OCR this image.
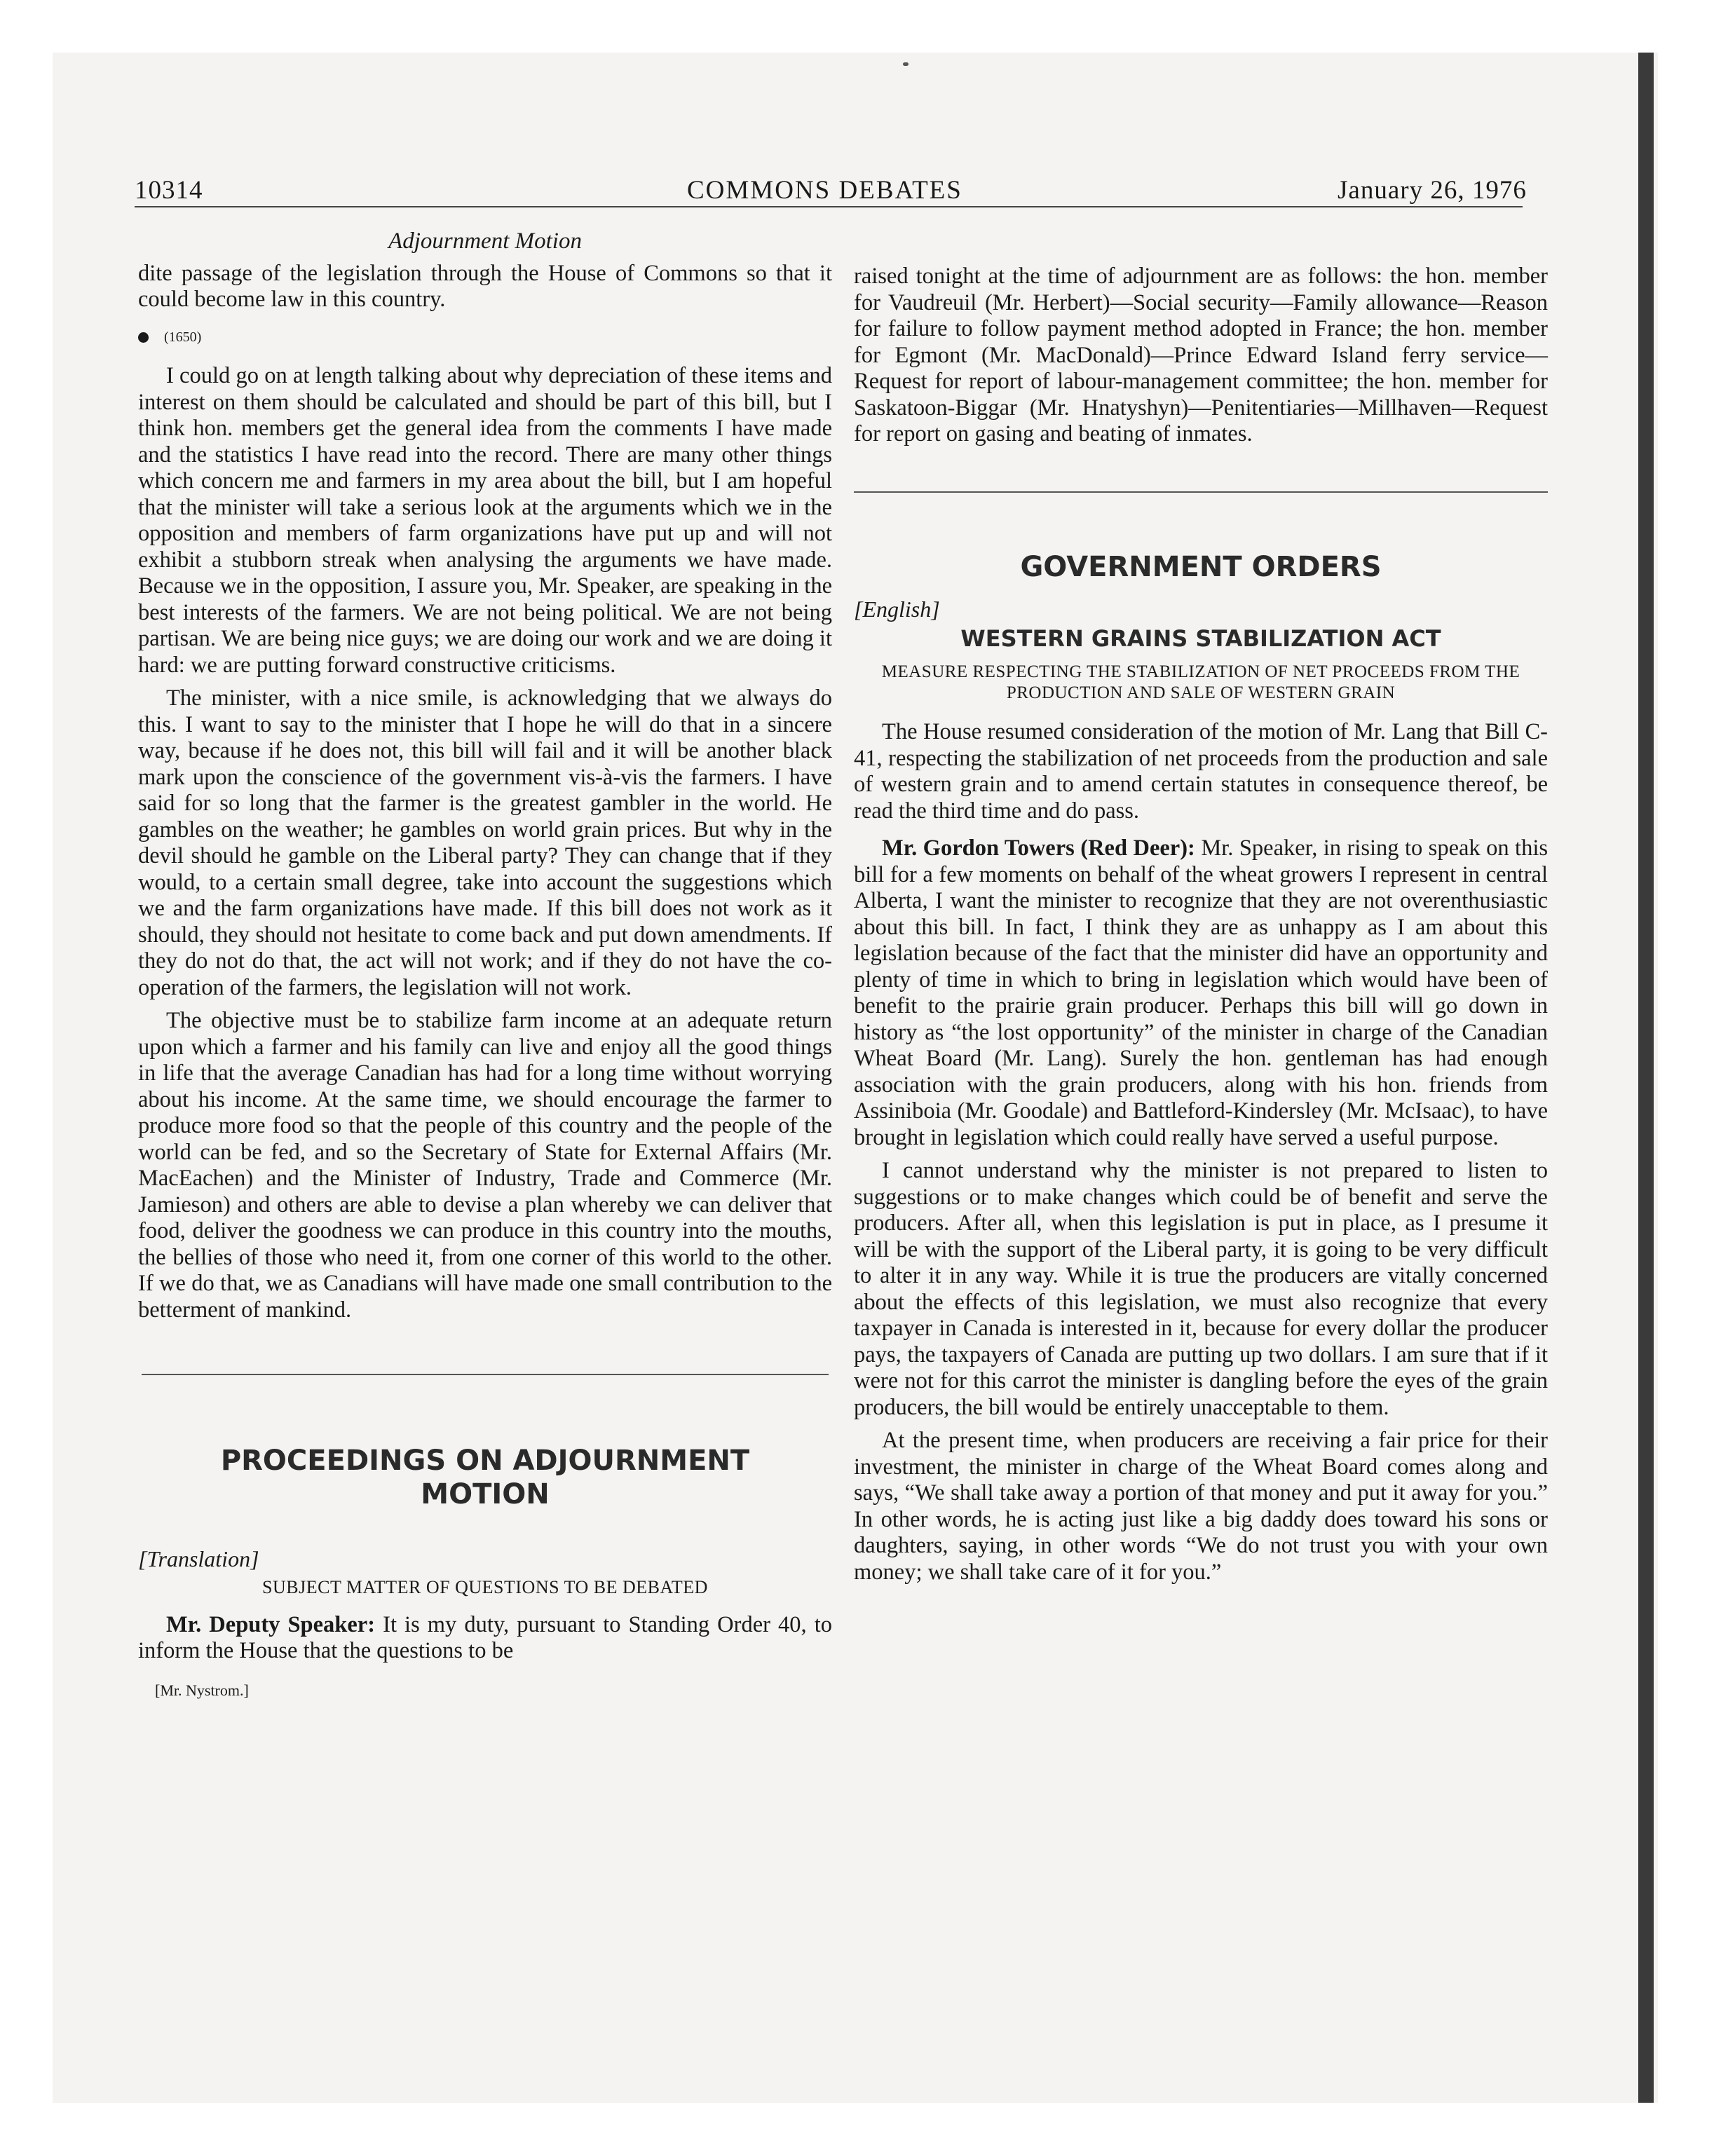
10314	COMMONS DEBATES	January 26, 1976
Adjournment Motion

dite passage of the legislation through the House of Commons so that it could become law in this country.

(1650)

I could go on at length talking about why depreciation of these items and interest on them should be calculated and should be part of this bill, but I think hon. members get the general idea from the comments I have made and the statistics I have read into the record. There are many other things which concern me and farmers in my area about the bill, but I am hopeful that the minister will take a serious look at the arguments which we in the opposition and members of farm organizations have put up and will not exhibit a stubborn streak when analysing the arguments we have made. Because we in the opposition, I assure you, Mr. Speaker, are speaking in the best interests of the farmers. We are not being political. We are not being partisan. We are being nice guys; we are doing our work and we are doing it hard: we are putting forward constructive criticisms.

The minister, with a nice smile, is acknowledging that we always do this. I want to say to the minister that I hope he will do that in a sincere way, because if he does not, this bill will fail and it will be another black mark upon the conscience of the government vis-à-vis the farmers. I have said for so long that the farmer is the greatest gambler in the world. He gambles on the weather; he gambles on world grain prices. But why in the devil should he gamble on the Liberal party? They can change that if they would, to a certain small degree, take into account the suggestions which we and the farm organizations have made. If this bill does not work as it should, they should not hesitate to come back and put down amendments. If they do not do that, the act will not work; and if they do not have the co-operation of the farmers, the legislation will not work.

The objective must be to stabilize farm income at an adequate return upon which a farmer and his family can live and enjoy all the good things in life that the average Canadian has had for a long time without worrying about his income. At the same time, we should encourage the farmer to produce more food so that the people of this country and the people of the world can be fed, and so the Secretary of State for External Affairs (Mr. MacEachen) and the Minister of Industry, Trade and Commerce (Mr. Jamieson) and others are able to devise a plan whereby we can deliver that food, deliver the goodness we can produce in this country into the mouths, the bellies of those who need it, from one corner of this world to the other. If we do that, we as Canadians will have made one small contribution to the betterment of mankind.

PROCEEDINGS ON ADJOURNMENT MOTION
[Translation]
SUBJECT MATTER OF QUESTIONS TO BE DEBATED

Mr. Deputy Speaker: It is my duty, pursuant to Standing Order 40, to inform the House that the questions to be

[Mr. Nystrom.]

raised tonight at the time of adjournment are as follows: the hon. member for Vaudreuil (Mr. Herbert)—Social security—Family allowance—Reason for failure to follow payment method adopted in France; the hon. member for Egmont (Mr. MacDonald)—Prince Edward Island ferry service—Request for report of labour-management committee; the hon. member for Saskatoon-Biggar (Mr. Hnatyshyn)—Penitentiaries—Millhaven—Request for report on gasing and beating of inmates.

GOVERNMENT ORDERS
[English]
WESTERN GRAINS STABILIZATION ACT
MEASURE RESPECTING THE STABILIZATION OF NET PROCEEDS FROM THE PRODUCTION AND SALE OF WESTERN GRAIN

The House resumed consideration of the motion of Mr. Lang that Bill C-41, respecting the stabilization of net proceeds from the production and sale of western grain and to amend certain statutes in consequence thereof, be read the third time and do pass.

Mr. Gordon Towers (Red Deer): Mr. Speaker, in rising to speak on this bill for a few moments on behalf of the wheat growers I represent in central Alberta, I want the minister to recognize that they are not overenthusiastic about this bill. In fact, I think they are as unhappy as I am about this legislation because of the fact that the minister did have an opportunity and plenty of time in which to bring in legislation which would have been of benefit to the prairie grain producer. Perhaps this bill will go down in history as “the lost opportunity” of the minister in charge of the Canadian Wheat Board (Mr. Lang). Surely the hon. gentleman has had enough association with the grain producers, along with his hon. friends from Assiniboia (Mr. Goodale) and Battleford-Kindersley (Mr. McIsaac), to have brought in legislation which could really have served a useful purpose.

I cannot understand why the minister is not prepared to listen to suggestions or to make changes which could be of benefit and serve the producers. After all, when this legislation is put in place, as I presume it will be with the support of the Liberal party, it is going to be very difficult to alter it in any way. While it is true the producers are vitally concerned about the effects of this legislation, we must also recognize that every taxpayer in Canada is interested in it, because for every dollar the producer pays, the taxpayers of Canada are putting up two dollars. I am sure that if it were not for this carrot the minister is dangling before the eyes of the grain producers, the bill would be entirely unacceptable to them.

At the present time, when producers are receiving a fair price for their investment, the minister in charge of the Wheat Board comes along and says, “We shall take away a portion of that money and put it away for you.” In other words, he is acting just like a big daddy does toward his sons or daughters, saying, in other words “We do not trust you with your own money; we shall take care of it for you.”
